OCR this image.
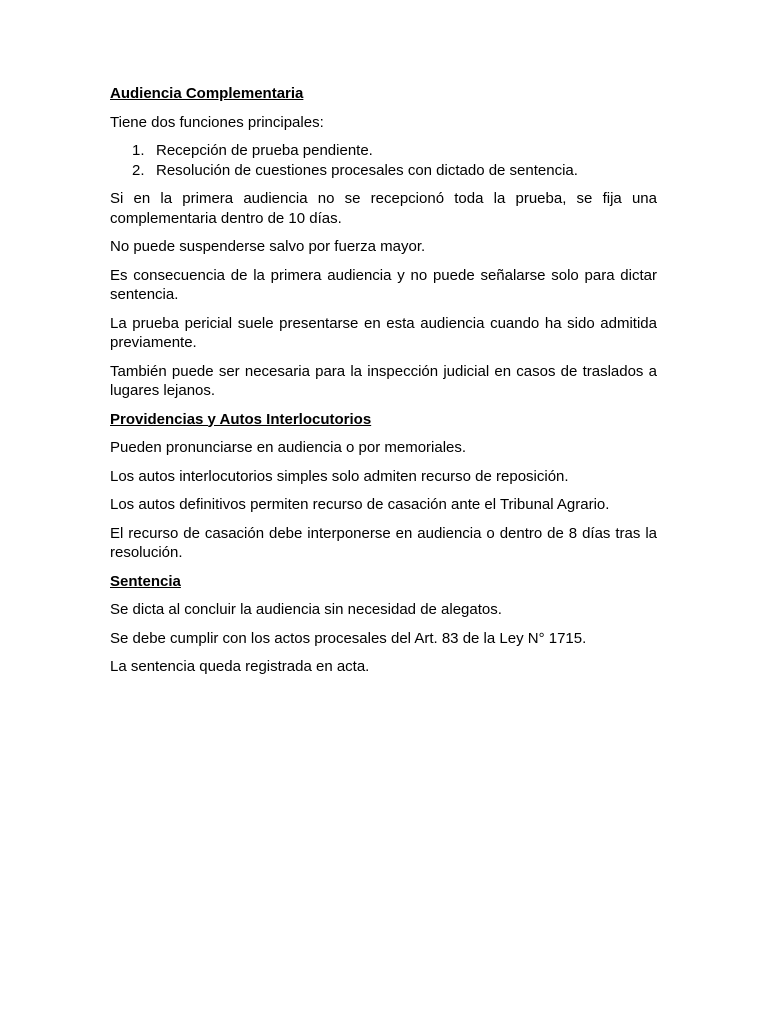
Audiencia Complementaria
Tiene dos funciones principales:
1. Recepción de prueba pendiente.
2. Resolución de cuestiones procesales con dictado de sentencia.
Si en la primera audiencia no se recepcionó toda la prueba, se fija una complementaria dentro de 10 días.
No puede suspenderse salvo por fuerza mayor.
Es consecuencia de la primera audiencia y no puede señalarse solo para dictar sentencia.
La prueba pericial suele presentarse en esta audiencia cuando ha sido admitida previamente.
También puede ser necesaria para la inspección judicial en casos de traslados a lugares lejanos.
Providencias y Autos Interlocutorios
Pueden pronunciarse en audiencia o por memoriales.
Los autos interlocutorios simples solo admiten recurso de reposición.
Los autos definitivos permiten recurso de casación ante el Tribunal Agrario.
El recurso de casación debe interponerse en audiencia o dentro de 8 días tras la resolución.
Sentencia
Se dicta al concluir la audiencia sin necesidad de alegatos.
Se debe cumplir con los actos procesales del Art. 83 de la Ley N° 1715.
La sentencia queda registrada en acta.
